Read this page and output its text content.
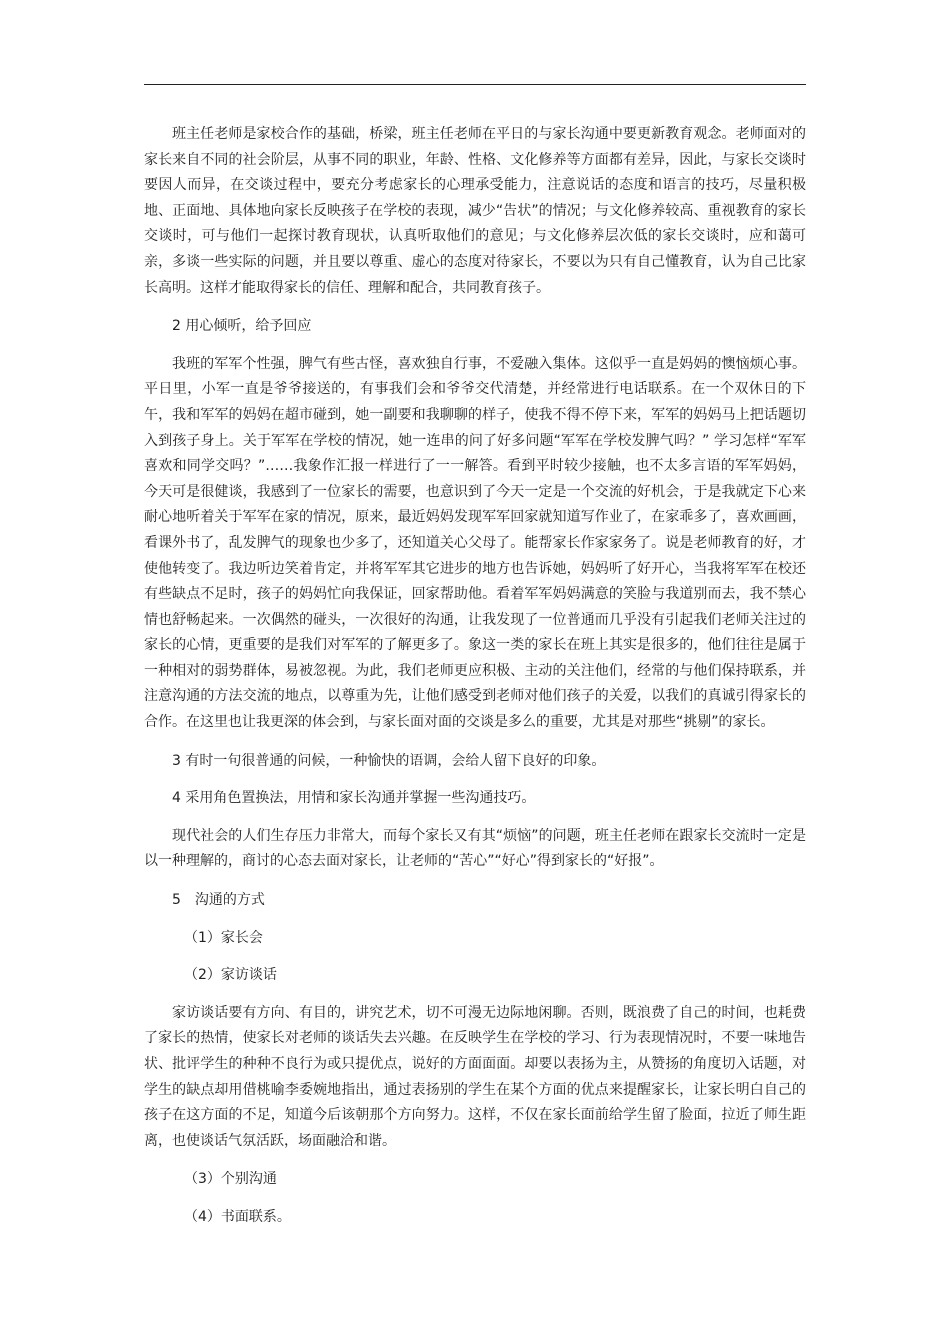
班主任老师是家校合作的基础，桥梁，班主任老师在平日的与家长沟通中要更新教育观念。老师面对的家长来自不同的社会阶层，从事不同的职业，年龄、性格、文化修养等方面都有差异，因此，与家长交谈时要因人而异，在交谈过程中，要充分考虑家长的心理承受能力，注意说话的态度和语言的技巧，尽量积极地、正面地、具体地向家长反映孩子在学校的表现，减少“告状”的情况；与文化修养较高、重视教育的家长交谈时，可与他们一起探讨教育现状，认真听取他们的意见；与文化修养层次低的家长交谈时，应和蔼可亲，多谈一些实际的问题，并且要以尊重、虚心的态度对待家长，不要以为只有自己懂教育，认为自己比家长高明。这样才能取得家长的信任、理解和配合，共同教育孩子。

2 用心倾听，给予回应

我班的军军个性强，脾气有些古怪，喜欢独自行事，不爱融入集体。这似乎一直是妈妈的懊恼烦心事。平日里，小军一直是爷爷接送的，有事我们会和爷爷交代清楚，并经常进行电话联系。在一个双休日的下午，我和军军的妈妈在超市碰到，她一副要和我聊聊的样子，使我不得不停下来，军军的妈妈马上把话题切入到孩子身上。关于军军在学校的情况，她一连串的问了好多问题“军军在学校发脾气吗？” 学习怎样“军军喜欢和同学交吗？”……我象作汇报一样进行了一一解答。看到平时较少接触，也不太多言语的军军妈妈，今天可是很健谈，我感到了一位家长的需要，也意识到了今天一定是一个交流的好机会，于是我就定下心来耐心地听着关于军军在家的情况，原来，最近妈妈发现军军回家就知道写作业了，在家乖多了，喜欢画画，看课外书了，乱发脾气的现象也少多了，还知道关心父母了。能帮家长作家家务了。说是老师教育的好，才使他转变了。我边听边笑着肯定，并将军军其它进步的地方也告诉她，妈妈听了好开心，当我将军军在校还有些缺点不足时，孩子的妈妈忙向我保证，回家帮助他。看着军军妈妈满意的笑脸与我道别而去，我不禁心情也舒畅起来。一次偶然的碰头，一次很好的沟通，让我发现了一位普通而几乎没有引起我们老师关注过的家长的心情，更重要的是我们对军军的了解更多了。象这一类的家长在班上其实是很多的，他们往往是属于一种相对的弱势群体，易被忽视。为此，我们老师更应积极、主动的关注他们，经常的与他们保持联系，并注意沟通的方法交流的地点，以尊重为先，让他们感受到老师对他们孩子的关爱，以我们的真诚引得家长的合作。在这里也让我更深的体会到，与家长面对面的交谈是多么的重要，尤其是对那些“挑剔”的家长。

3 有时一句很普通的问候，一种愉快的语调，会给人留下良好的印象。

4 采用角色置换法，用情和家长沟通并掌握一些沟通技巧。

现代社会的人们生存压力非常大，而每个家长又有其“烦恼”的问题，班主任老师在跟家长交流时一定是以一种理解的，商讨的心态去面对家长，让老师的“苦心”“好心”得到家长的“好报”。

5　沟通的方式

（1）家长会

（2）家访谈话

家访谈话要有方向、有目的，讲究艺术，切不可漫无边际地闲聊。否则，既浪费了自己的时间，也耗费了家长的热情，使家长对老师的谈话失去兴趣。在反映学生在学校的学习、行为表现情况时，不要一味地告状、批评学生的种种不良行为或只提优点，说好的方面面面。却要以表扬为主，从赞扬的角度切入话题，对学生的缺点却用借桃喻李委婉地指出，通过表扬别的学生在某个方面的优点来提醒家长，让家长明白自己的孩子在这方面的不足，知道今后该朝那个方向努力。这样，不仅在家长面前给学生留了脸面，拉近了师生距离，也使谈话气氛活跃，场面融洽和谐。

（3）个别沟通

（4）书面联系。
